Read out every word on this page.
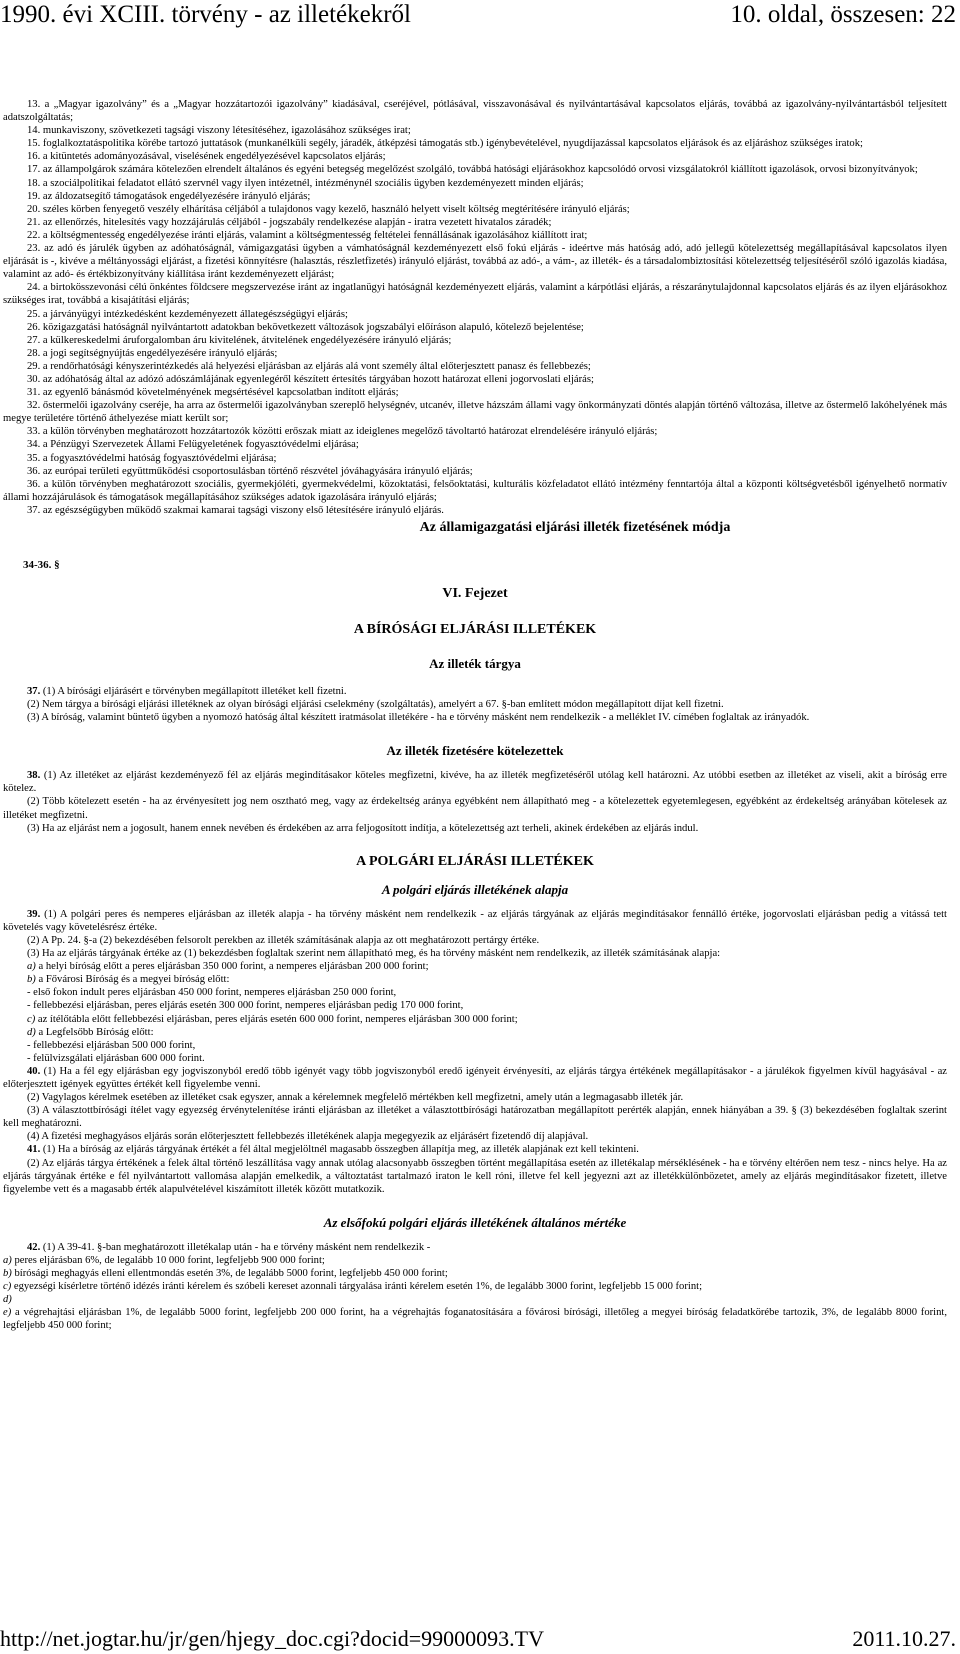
1990. évi XCIII. törvény - az illetékekről	10. oldal, összesen: 22
13. a „Magyar igazolvány” és a „Magyar hozzátartozói igazolvány” kiadásával, cseréjével, pótlásával, visszavonásával és nyilvántartásával kapcsolatos eljárás, továbbá az igazolvány-nyilvántartásból teljesített adatszolgáltatás;
14. munkaviszony, szövetkezeti tagsági viszony létesítéséhez, igazolásához szükséges irat;
15. foglalkoztatáspolitika körébe tartozó juttatások (munkanélküli segély, járadék, átképzési támogatás stb.) igénybevételével, nyugdíjazással kapcsolatos eljárások és az eljáráshoz szükséges iratok;
16. a kitüntetés adományozásával, viselésének engedélyezésével kapcsolatos eljárás;
17. az állampolgárok számára kötelezően elrendelt általános és egyéni betegség megelőzést szolgáló, továbbá hatósági eljárásokhoz kapcsolódó orvosi vizsgálatokról kiállított igazolások, orvosi bizonyítványok;
18. a szociálpolitikai feladatot ellátó szervnél vagy ilyen intézetnél, intézménynél szociális ügyben kezdeményezett minden eljárás;
19. az áldozatsegítő támogatások engedélyezésére irányuló eljárás;
20. széles körben fenyegető veszély elhárítása céljából a tulajdonos vagy kezelő, használó helyett viselt költség megtérítésére irányuló eljárás;
21. az ellenőrzés, hitelesítés vagy hozzájárulás céljából - jogszabály rendelkezése alapján - iratra vezetett hivatalos záradék;
22. a költségmentesség engedélyezése iránti eljárás, valamint a költségmentesség feltételei fennállásának igazolásához kiállított irat;
23. az adó és járulék ügyben az adóhatóságnál, vámigazgatási ügyben a vámhatóságnál kezdeményezett első fokú eljárás - ideértve más hatóság adó, adó jellegű kötelezettség megállapításával kapcsolatos ilyen eljárását is -, kivéve a méltányossági eljárást, a fizetési könnyítésre (halasztás, részletfizetés) irányuló eljárást, továbbá az adó-, a vám-, az illeték- és a társadalombiztosítási kötelezettség teljesítéséről szóló igazolás kiadása, valamint az adó- és értékbizonyítvány kiállítása iránt kezdeményezett eljárást;
24. a birtokösszevonási célú önkéntes földcsere megszervezése iránt az ingatlanügyi hatóságnál kezdeményezett eljárás, valamint a kárpótlási eljárás, a részaránytulajdonnal kapcsolatos eljárás és az ilyen eljárásokhoz szükséges irat, továbbá a kisajátítási eljárás;
25. a járványügyi intézkedésként kezdeményezett állategészségügyi eljárás;
26. közigazgatási hatóságnál nyilvántartott adatokban bekövetkezett változások jogszabályi előíráson alapuló, kötelező bejelentése;
27. a külkereskedelmi áruforgalomban áru kivitelének, átvitelének engedélyezésére irányuló eljárás;
28. a jogi segítségnyújtás engedélyezésére irányuló eljárás;
29. a rendőrhatósági kényszerintézkedés alá helyezési eljárásban az eljárás alá vont személy által előterjesztett panasz és fellebbezés;
30. az adóhatóság által az adózó adószámlájának egyenlegéről készített értesítés tárgyában hozott határozat elleni jogorvoslati eljárás;
31. az egyenlő bánásmód követelményének megsértésével kapcsolatban indított eljárás;
32. őstermelői igazolvány cseréje, ha arra az őstermelői igazolványban szereplő helységnév, utcanév, illetve házszám állami vagy önkormányzati döntés alapján történő változása, illetve az őstermelő lakóhelyének más megye területére történő áthelyezése miatt került sor;
33. a külön törvényben meghatározott hozzátartozók közötti erőszak miatt az ideiglenes megelőző távoltartó határozat elrendelésére irányuló eljárás;
34. a Pénzügyi Szervezetek Állami Felügyeletének fogyasztóvédelmi eljárása;
35. a fogyasztóvédelmi hatóság fogyasztóvédelmi eljárása;
36. az európai területi együttműködési csoportosulásban történő részvétel jóváhagyására irányuló eljárás;
36. a külön törvényben meghatározott szociális, gyermekjóléti, gyermekvédelmi, közoktatási, felsőoktatási, kulturális közfeladatot ellátó intézmény fenntartója által a központi költségvetésből igényelhető normatív állami hozzájárulások és támogatások megállapításához szükséges adatok igazolására irányuló eljárás;
37. az egészségügyben működő szakmai kamarai tagsági viszony első létesítésére irányuló eljárás.
Az államigazgatási eljárási illeték fizetésének módja
34-36. §
VI. Fejezet
A BÍRÓSÁGI ELJÁRÁSI ILLETÉKEK
Az illeték tárgya
37. (1) A bírósági eljárásért e törvényben megállapított illetéket kell fizetni.
(2) Nem tárgya a bírósági eljárási illetéknek az olyan bírósági eljárási cselekmény (szolgáltatás), amelyért a 67. §-ban említett módon megállapított díjat kell fizetni.
(3) A bíróság, valamint büntető ügyben a nyomozó hatóság által készített iratmásolat illetékére - ha e törvény másként nem rendelkezik - a melléklet IV. címében foglaltak az irányadók.
Az illeték fizetésére kötelezettek
38. (1) Az illetéket az eljárást kezdeményező fél az eljárás megindításakor köteles megfizetni, kivéve, ha az illeték megfizetéséről utólag kell határozni. Az utóbbi esetben az illetéket az viseli, akit a bíróság erre kötelez.
(2) Több kötelezett esetén - ha az érvényesített jog nem osztható meg, vagy az érdekeltség aránya egyébként nem állapítható meg - a kötelezettek egyetemlegesen, egyébként az érdekeltség arányában kötelesek az illetéket megfizetni.
(3) Ha az eljárást nem a jogosult, hanem ennek nevében és érdekében az arra feljogosított indítja, a kötelezettség azt terheli, akinek érdekében az eljárás indul.
A POLGÁRI ELJÁRÁSI ILLETÉKEK
A polgári eljárás illetékének alapja
39. (1) A polgári peres és nemperes eljárásban az illeték alapja - ha törvény másként nem rendelkezik - az eljárás tárgyának az eljárás megindításakor fennálló értéke, jogorvoslati eljárásban pedig a vitássá tett követelés vagy követelésrész értéke.
(2) A Pp. 24. §-a (2) bekezdésében felsorolt perekben az illeték számításának alapja az ott meghatározott pertárgy értéke.
(3) Ha az eljárás tárgyának értéke az (1) bekezdésben foglaltak szerint nem állapítható meg, és ha törvény másként nem rendelkezik, az illeték számításának alapja:
a) a helyi bíróság előtt a peres eljárásban 350 000 forint, a nemperes eljárásban 200 000 forint;
b) a Fővárosi Bíróság és a megyei bíróság előtt:
- első fokon indult peres eljárásban 450 000 forint, nemperes eljárásban 250 000 forint,
- fellebbezési eljárásban, peres eljárás esetén 300 000 forint, nemperes eljárásban pedig 170 000 forint,
c) az ítélőtábla előtt fellebbezési eljárásban, peres eljárás esetén 600 000 forint, nemperes eljárásban 300 000 forint;
d) a Legfelsőbb Bíróság előtt:
- fellebbezési eljárásban 500 000 forint,
- felülvizsgálati eljárásban 600 000 forint.
40. (1) Ha a fél egy eljárásban egy jogviszonyból eredő több igényét vagy több jogviszonyból eredő igényeit érvényesíti, az eljárás tárgya értékének megállapításakor - a járulékok figyelmen kívül hagyásával - az előterjesztett igények együttes értékét kell figyelembe venni.
(2) Vagylagos kérelmek esetében az illetéket csak egyszer, annak a kérelemnek megfelelő mértékben kell megfizetni, amely után a legmagasabb illeték jár.
(3) A választottbírósági ítélet vagy egyezség érvénytelenítése iránti eljárásban az illetéket a választottbírósági határozatban megállapított perérték alapján, ennek hiányában a 39. § (3) bekezdésében foglaltak szerint kell meghatározni.
(4) A fizetési meghagyásos eljárás során előterjesztett fellebbezés illetékének alapja megegyezik az eljárásért fizetendő díj alapjával.
41. (1) Ha a bíróság az eljárás tárgyának értékét a fél által megjelöltnél magasabb összegben állapítja meg, az illeték alapjának ezt kell tekinteni.
(2) Az eljárás tárgya értékének a felek által történő leszállítása vagy annak utólag alacsonyabb összegben történt megállapítása esetén az illetékalap mérséklésének - ha e törvény eltérően nem tesz - nincs helye. Ha az eljárás tárgyának értéke e fél nyilvántartott vallomása alapján emelkedik, a változtatást tartalmazó iraton le kell róni, illetve fel kell jegyezni azt az illetékkülönbözetet, amely az eljárás megindításakor fizetett, illetve figyelembe vett és a magasabb érték alapulvételével kiszámított illeték között mutatkozik.
Az elsőfokú polgári eljárás illetékének általános mértéke
42. (1) A 39-41. §-ban meghatározott illetékalap után - ha e törvény másként nem rendelkezik -
a) peres eljárásban 6%, de legalább 10 000 forint, legfeljebb 900 000 forint;
b) bírósági meghagyás elleni ellentmondás esetén 3%, de legalább 5000 forint, legfeljebb 450 000 forint;
c) egyezségi kísérletre történő idézés iránti kérelem és szóbeli kereset azonnali tárgyalása iránti kérelem esetén 1%, de legalább 3000 forint, legfeljebb 15 000 forint;
d)
e) a végrehajtási eljárásban 1%, de legalább 5000 forint, legfeljebb 200 000 forint, ha a végrehajtás foganatosítására a fővárosi bírósági, illetőleg a megyei bíróság feladatkörébe tartozik, 3%, de legalább 8000 forint, legfeljebb 450 000 forint;
http://net.jogtar.hu/jr/gen/hjegy_doc.cgi?docid=99000093.TV	2011.10.27.
